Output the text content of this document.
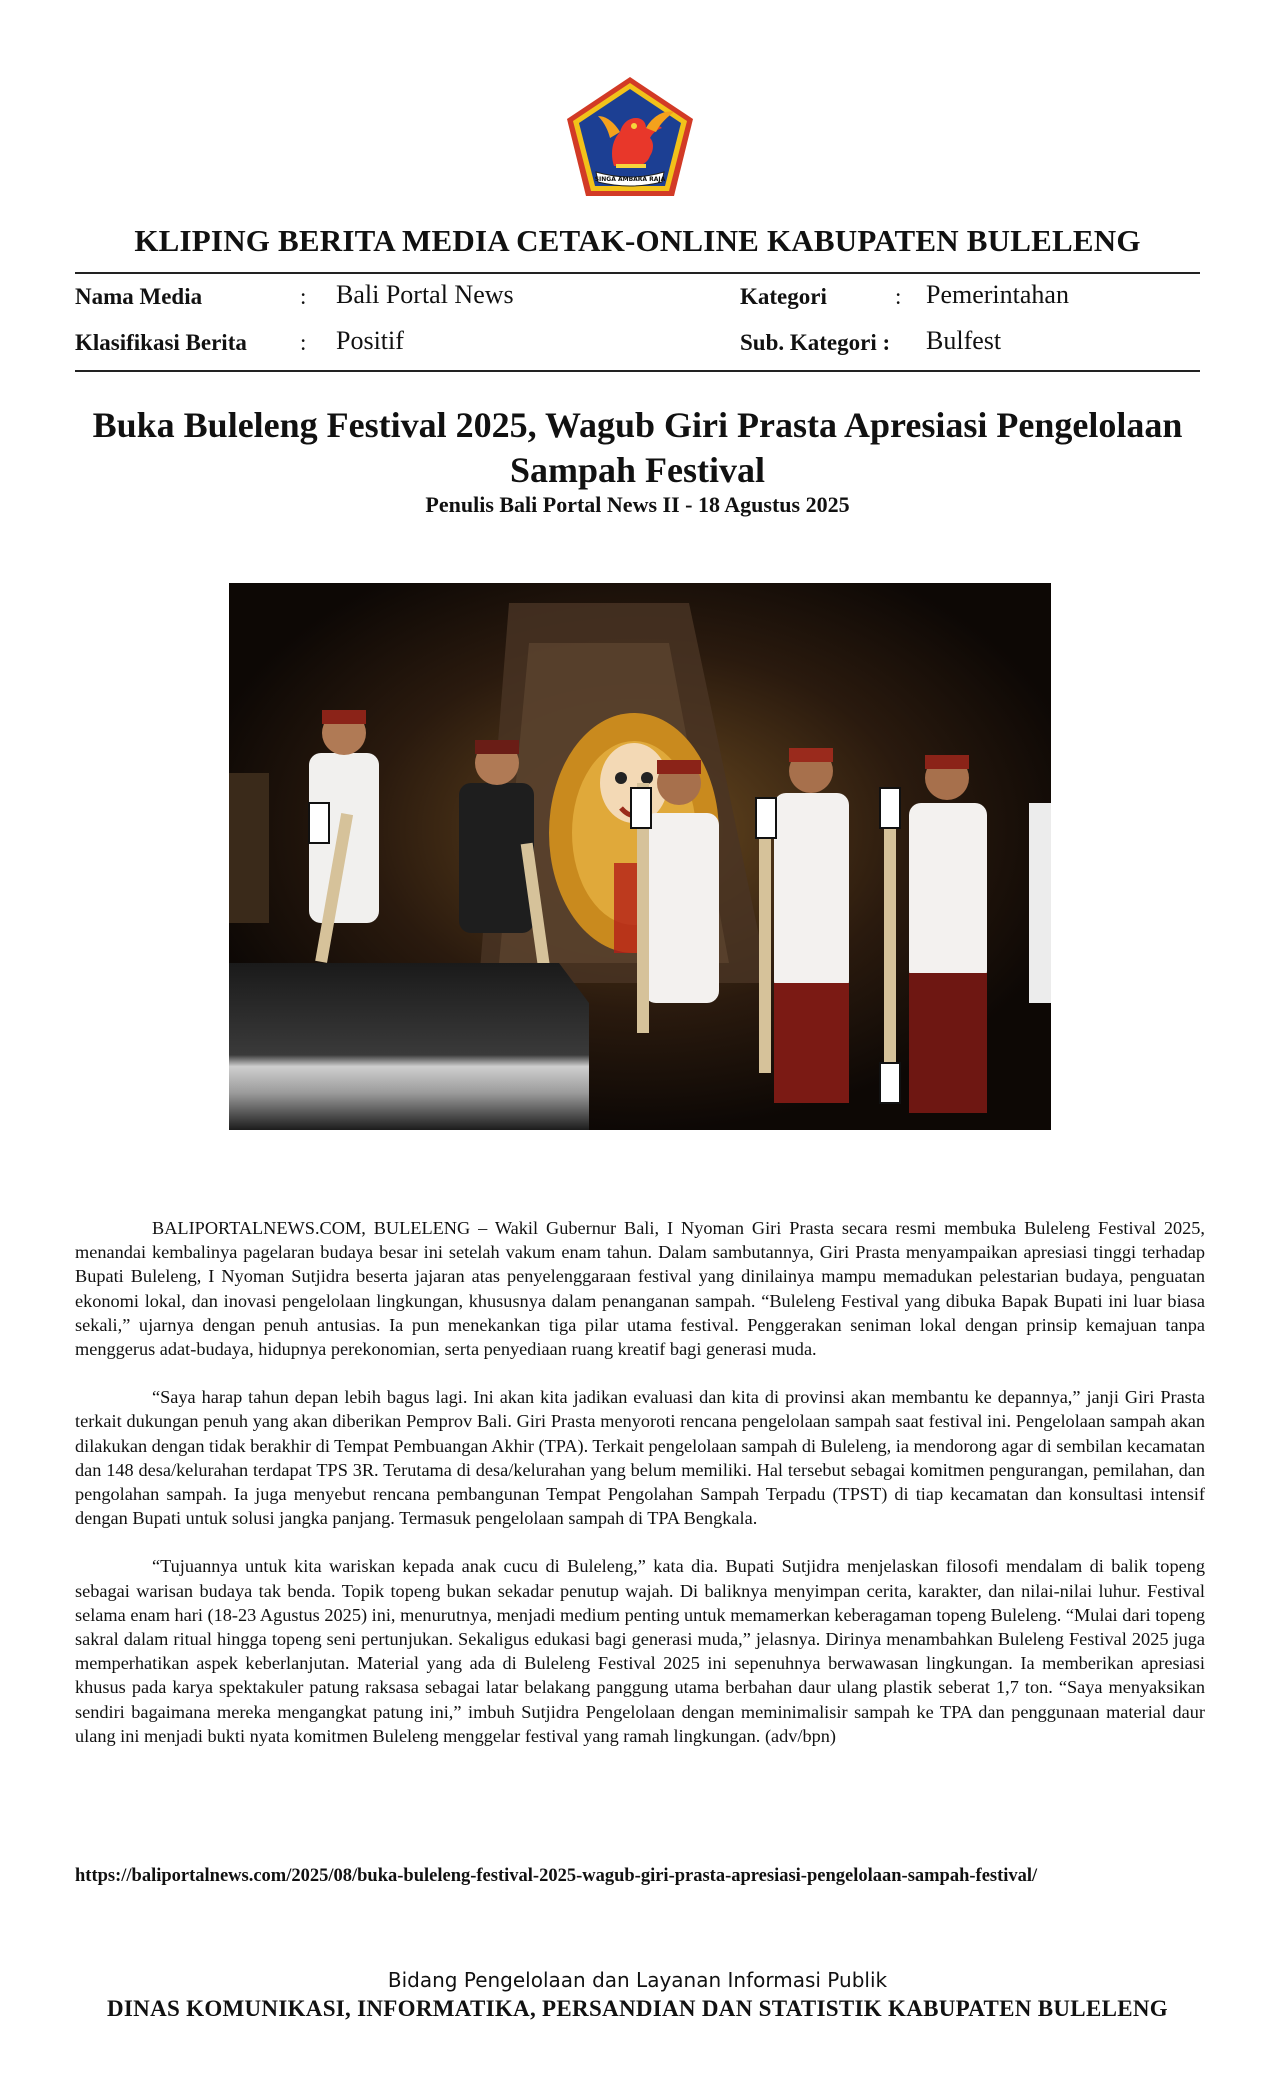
SINGA AMBARA RAJA
KLIPING BERITA MEDIA CETAK-ONLINE KABUPATEN BULELENG
Nama Media	: Bali Portal News	Kategori	: Pemerintahan
Klasifikasi Berita : Positif	Sub. Kategori : Bulfest
Buka Buleleng Festival 2025, Wagub Giri Prasta Apresiasi Pengelolaan Sampah Festival
Penulis Bali Portal News II - 18 Agustus 2025

BALIPORTALNEWS.COM, BULELENG – Wakil Gubernur Bali, I Nyoman Giri Prasta secara resmi membuka Buleleng Festival 2025, menandai kembalinya pagelaran budaya besar ini setelah vakum enam tahun. Dalam sambutannya, Giri Prasta menyampaikan apresiasi tinggi terhadap Bupati Buleleng, I Nyoman Sutjidra beserta jajaran atas penyelenggaraan festival yang dinilainya mampu memadukan pelestarian budaya, penguatan ekonomi lokal, dan inovasi pengelolaan lingkungan, khususnya dalam penanganan sampah. “Buleleng Festival yang dibuka Bapak Bupati ini luar biasa sekali,” ujarnya dengan penuh antusias. Ia pun menekankan tiga pilar utama festival. Penggerakan seniman lokal dengan prinsip kemajuan tanpa menggerus adat-budaya, hidupnya perekonomian, serta penyediaan ruang kreatif bagi generasi muda.

“Saya harap tahun depan lebih bagus lagi. Ini akan kita jadikan evaluasi dan kita di provinsi akan membantu ke depannya,” janji Giri Prasta terkait dukungan penuh yang akan diberikan Pemprov Bali. Giri Prasta menyoroti rencana pengelolaan sampah saat festival ini. Pengelolaan sampah akan dilakukan dengan tidak berakhir di Tempat Pembuangan Akhir (TPA). Terkait pengelolaan sampah di Buleleng, ia mendorong agar di sembilan kecamatan dan 148 desa/kelurahan terdapat TPS 3R. Terutama di desa/kelurahan yang belum memiliki. Hal tersebut sebagai komitmen pengurangan, pemilahan, dan pengolahan sampah. Ia juga menyebut rencana pembangunan Tempat Pengolahan Sampah Terpadu (TPST) di tiap kecamatan dan konsultasi intensif dengan Bupati untuk solusi jangka panjang. Termasuk pengelolaan sampah di TPA Bengkala.

“Tujuannya untuk kita wariskan kepada anak cucu di Buleleng,” kata dia. Bupati Sutjidra menjelaskan filosofi mendalam di balik topeng sebagai warisan budaya tak benda. Topik topeng bukan sekadar penutup wajah. Di baliknya menyimpan cerita, karakter, dan nilai-nilai luhur. Festival selama enam hari (18-23 Agustus 2025) ini, menurutnya, menjadi medium penting untuk memamerkan keberagaman topeng Buleleng. “Mulai dari topeng sakral dalam ritual hingga topeng seni pertunjukan. Sekaligus edukasi bagi generasi muda,” jelasnya. Dirinya menambahkan Buleleng Festival 2025 juga memperhatikan aspek keberlanjutan. Material yang ada di Buleleng Festival 2025 ini sepenuhnya berwawasan lingkungan. Ia memberikan apresiasi khusus pada karya spektakuler patung raksasa sebagai latar belakang panggung utama berbahan daur ulang plastik seberat 1,7 ton. “Saya menyaksikan sendiri bagaimana mereka mengangkat patung ini,” imbuh Sutjidra Pengelolaan dengan meminimalisir sampah ke TPA dan penggunaan material daur ulang ini menjadi bukti nyata komitmen Buleleng menggelar festival yang ramah lingkungan. (adv/bpn)

https://baliportalnews.com/2025/08/buka-buleleng-festival-2025-wagub-giri-prasta-apresiasi-pengelolaan-sampah-festival/
Bidang Pengelolaan dan Layanan Informasi Publik
DINAS KOMUNIKASI, INFORMATIKA, PERSANDIAN DAN STATISTIK KABUPATEN BULELENG
